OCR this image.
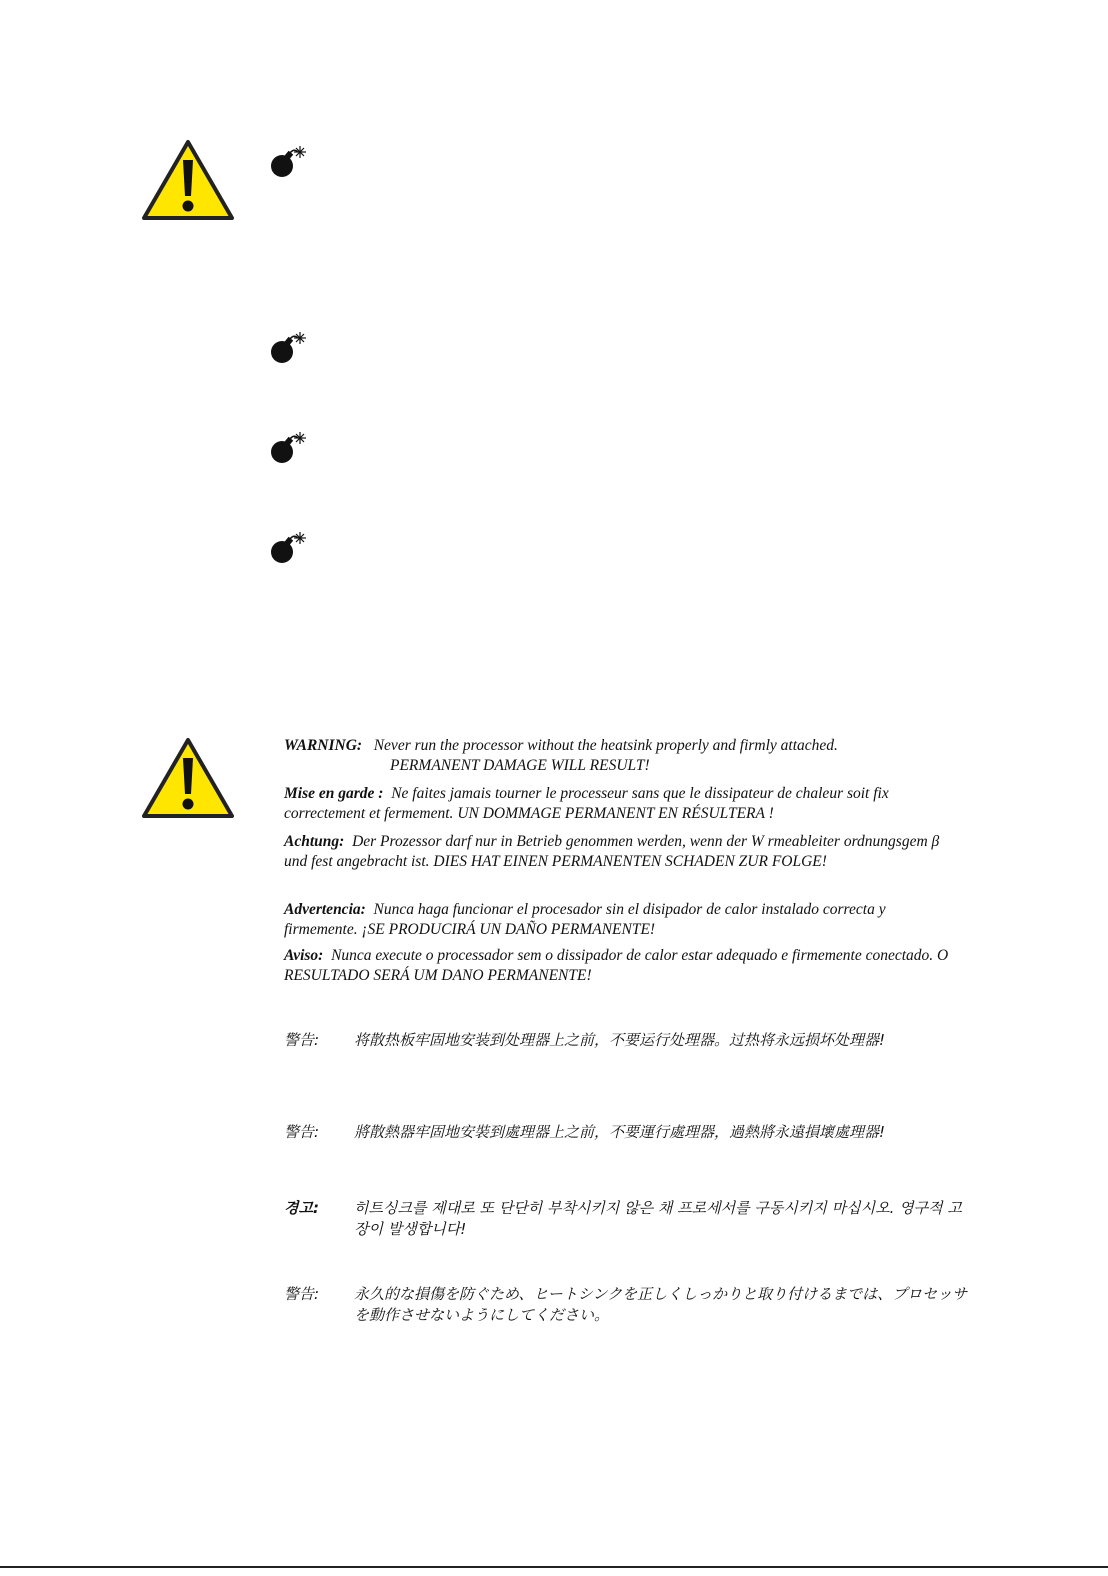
WARNING: Never run the processor without the heatsink properly and firmly attached.
PERMANENT DAMAGE WILL RESULT!
Mise en garde : Ne faites jamais tourner le processeur sans que le dissipateur de chaleur soit fix correctement et fermement. UN DOMMAGE PERMANENT EN RÉSULTERA !
Achtung: Der Prozessor darf nur in Betrieb genommen werden, wenn der W rmeableiter ordnungsgem β und fest angebracht ist. DIES HAT EINEN PERMANENTEN SCHADEN ZUR FOLGE!
Advertencia: Nunca haga funcionar el procesador sin el disipador de calor instalado correcta y firmemente. ¡SE PRODUCIRÁ UN DAÑO PERMANENTE!
Aviso: Nunca execute o processador sem o dissipador de calor estar adequado e firmemente conectado. O RESULTADO SERÁ UM DANO PERMANENTE!
警告: 将散热板牢固地安装到处理器上之前，不要运行处理器。过热将永远损坏处理器!
警告: 將散熱器牢固地安裝到處理器上之前，不要運行處理器，過熱將永遠損壞處理器!
경고: 히트싱크를 제대로 또 단단히 부착시키지 않은 채 프로세서를 구동시키지 마십시오. 영구적 고장이 발생합니다!
警告: 永久的な損傷を防ぐため、ヒートシンクを正しくしっかりと取り付けるまでは、プロセッサを動作させないようにしてください。
